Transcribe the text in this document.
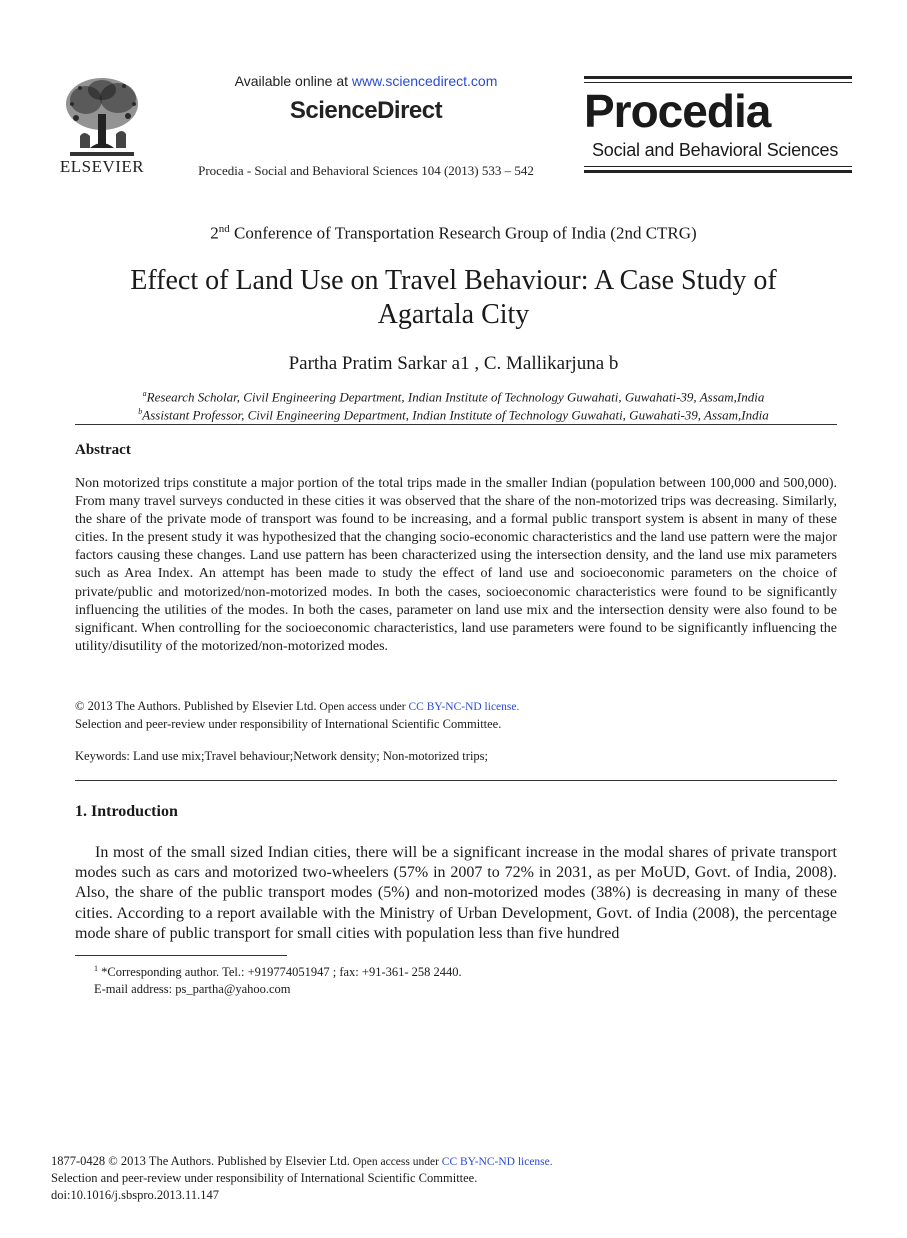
ELSEVIER
Available online at www.sciencedirect.com
ScienceDirect
Procedia - Social and Behavioral Sciences 104 (2013) 533 – 542
Procedia
Social and Behavioral Sciences
2nd Conference of Transportation Research Group of India (2nd CTRG)
Effect of Land Use on Travel Behaviour: A Case Study of
Agartala City
Partha Pratim Sarkar a1 , C. Mallikarjuna b
$^a$Research Scholar, Civil Engineering Department, Indian Institute of Technology Guwahati, Guwahati-39, Assam,India
$^b$Assistant Professor, Civil Engineering Department, Indian Institute of Technology Guwahati, Guwahati-39, Assam,India
Abstract

Non motorized trips constitute a major portion of the total trips made in the smaller Indian (population between 100,000 and 500,000). From many travel surveys conducted in these cities it was observed that the share of the non-motorized trips was decreasing. Similarly, the share of the private mode of transport was found to be increasing, and a formal public transport system is absent in many of these cities. In the present study it was hypothesized that the changing socio-economic characteristics and the land use pattern were the major factors causing these changes. Land use pattern has been characterized using the intersection density, and the land use mix parameters such as Area Index. An attempt has been made to study the effect of land use and socioeconomic parameters on the choice of private/public and motorized/non-motorized modes. In both the cases, socioeconomic characteristics were found to be significantly influencing the utilities of the modes. In both the cases, parameter on land use mix and the intersection density were also found to be significant. When controlling for the socioeconomic characteristics, land use parameters were found to be significantly influencing the utility/disutility of the motorized/non-motorized modes.

© 2013 The Authors. Published by Elsevier Ltd. Open access under CC BY-NC-ND license.
Selection and peer-review under responsibility of International Scientific Committee.
Keywords: Land use mix;Travel behaviour;Network density; Non-motorized trips;
1. Introduction

In most of the small sized Indian cities, there will be a significant increase in the modal shares of private transport modes such as cars and motorized two-wheelers (57% in 2007 to 72% in 2031, as per MoUD, Govt. of India, 2008). Also, the share of the public transport modes (5%) and non-motorized modes (38%) is decreasing in many of these cities. According to a report available with the Ministry of Urban Development, Govt. of India (2008), the percentage mode share of public transport for small cities with population less than five hundred

$^1$ *Corresponding author. Tel.: +919774051947 ; fax: +91-361- 258 2440.
E-mail address: ps_partha@yahoo.com
1877-0428 © 2013 The Authors. Published by Elsevier Ltd. Open access under CC BY-NC-ND license.
Selection and peer-review under responsibility of International Scientific Committee.
doi:10.1016/j.sbspro.2013.11.147
